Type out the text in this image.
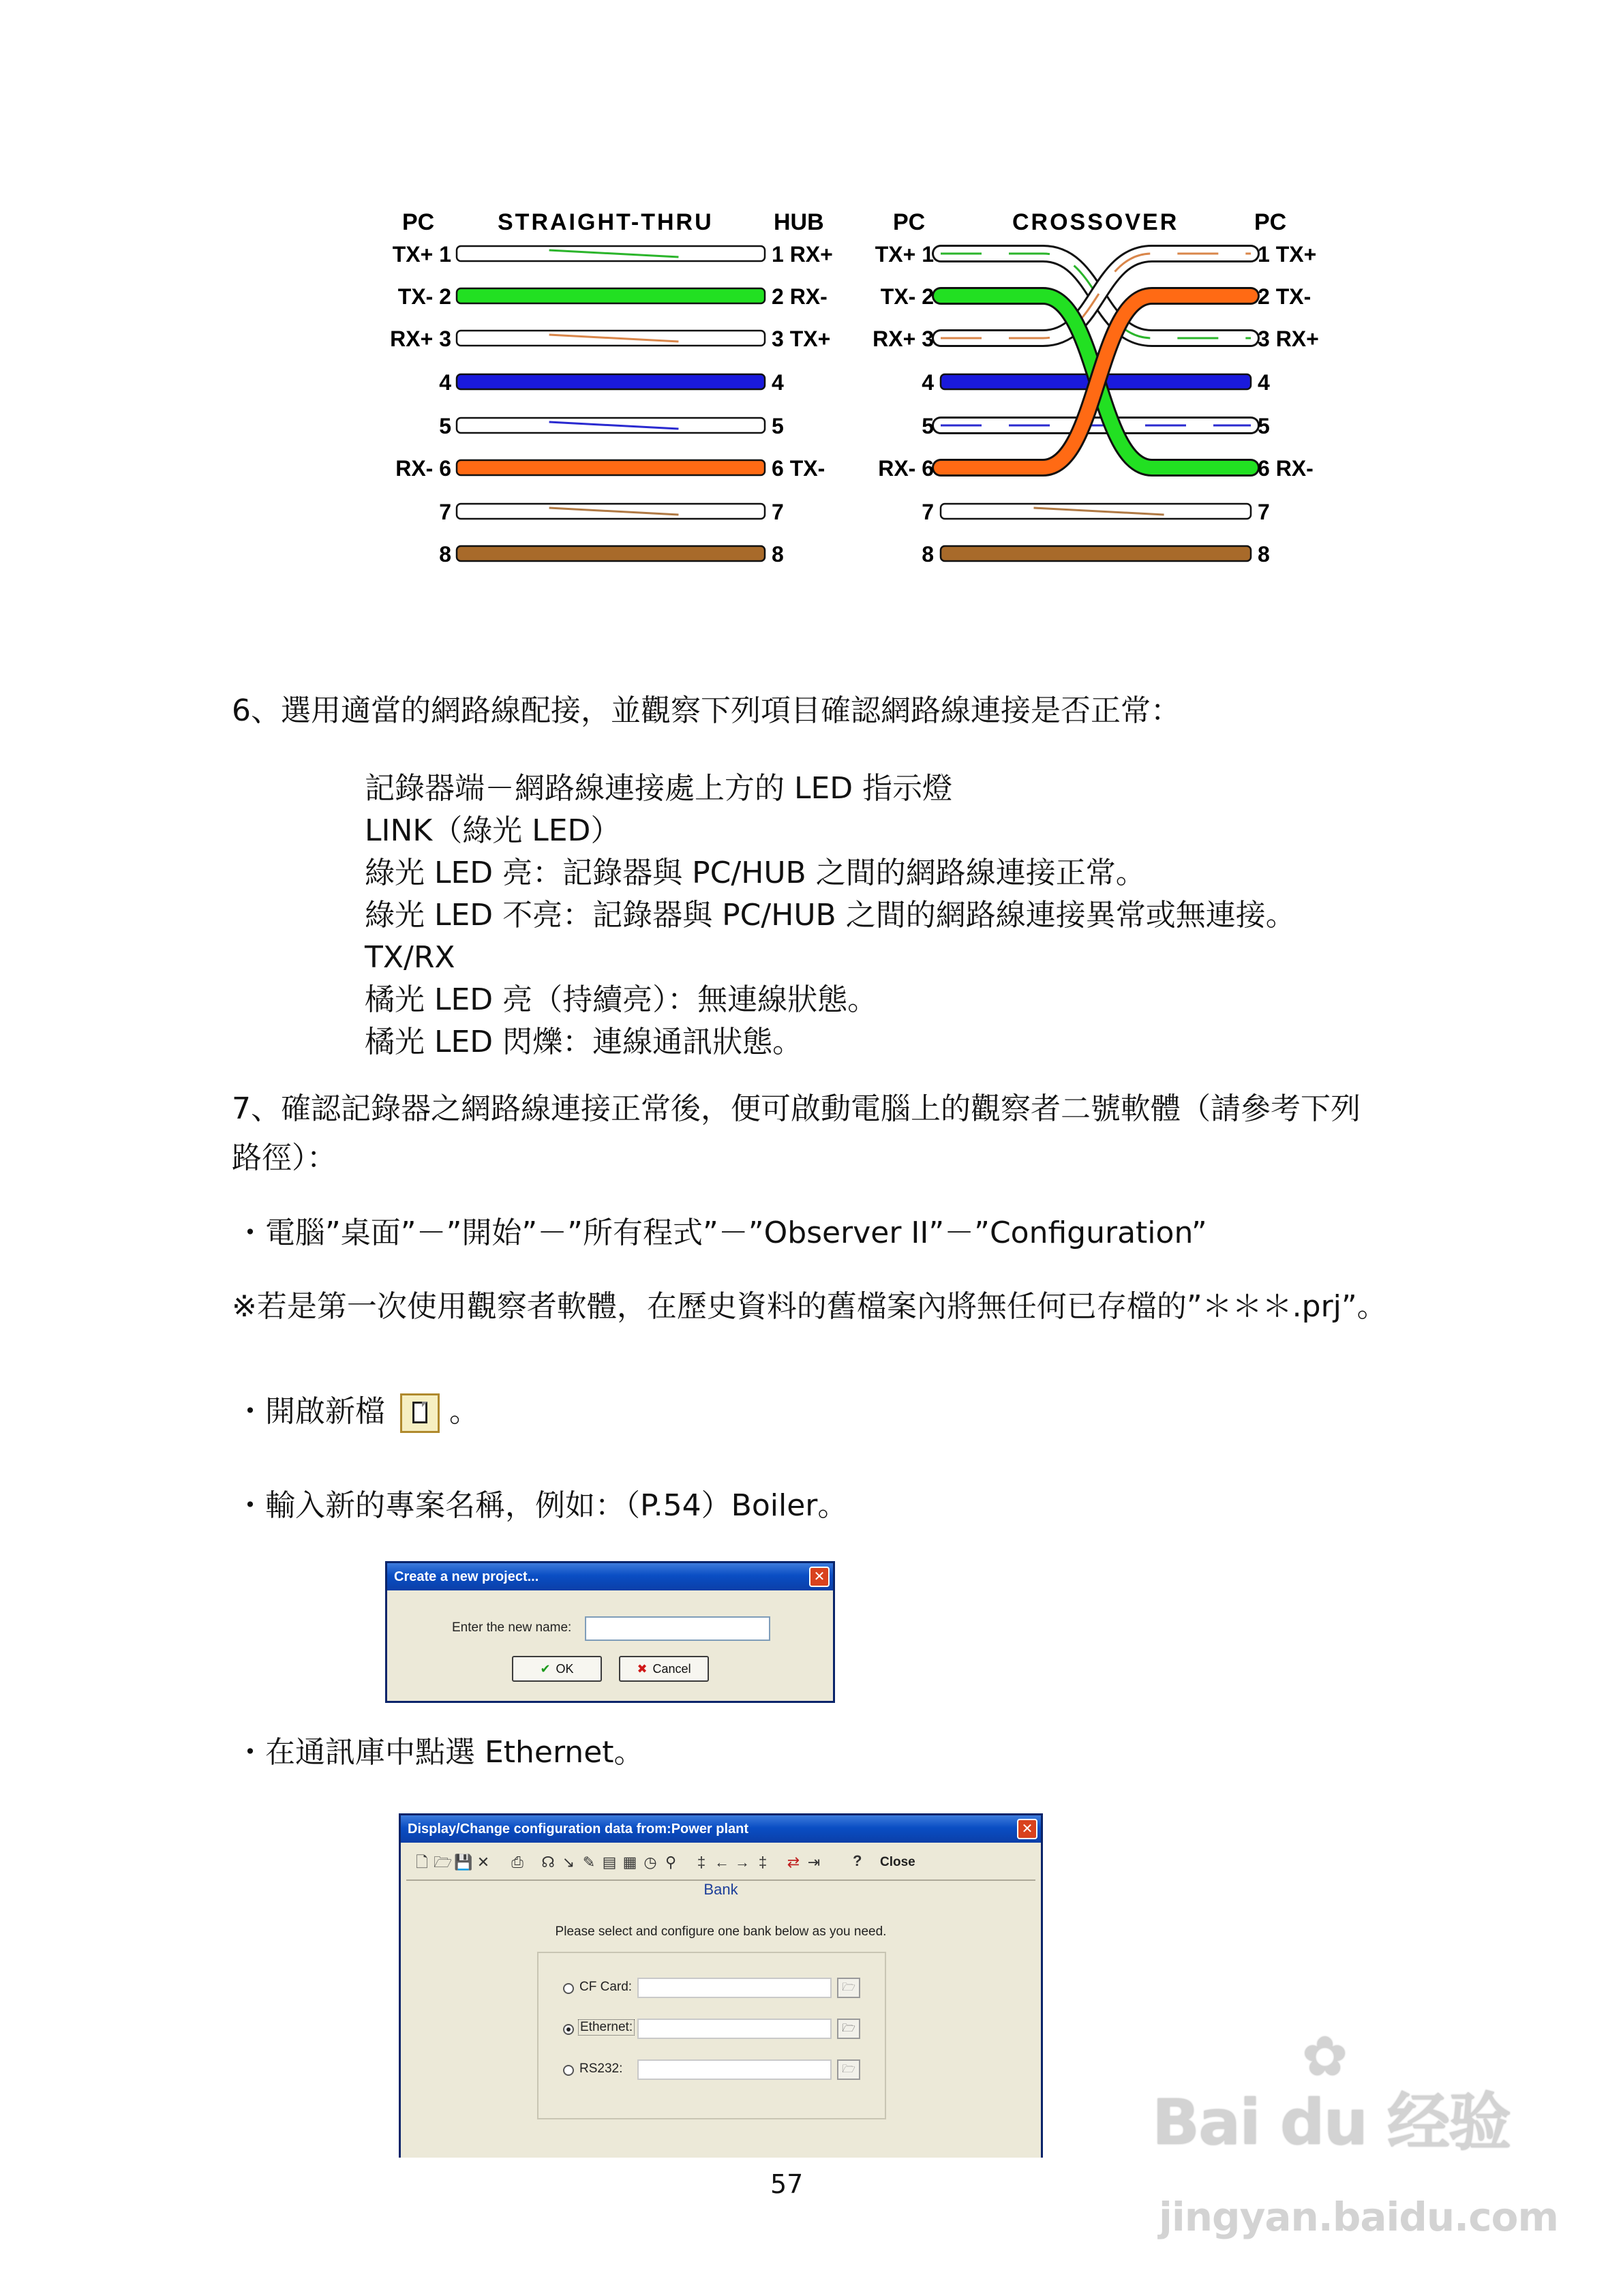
PC	STRAIGHT-THRU	HUB	PC	CROSSOVER	PC
TX+ 1
TX- 2
RX+ 3
4
5
RX- 6
7
8
1 RX+
2 RX-
3 TX+
4
5
6 TX-
7
8
TX+ 1
TX- 2
RX+ 3
4
5
RX- 6
7
8
1 TX+
2 TX-
3 RX+
4
5
6 RX-
7
8
6、選用適當的網路線配接，並觀察下列項目確認網路線連接是否正常：
記錄器端－網路線連接處上方的 LED 指示燈
LINK（綠光 LED）
綠光 LED 亮：記錄器與 PC/HUB 之間的網路線連接正常。
綠光 LED 不亮：記錄器與 PC/HUB 之間的網路線連接異常或無連接。
TX/RX
橘光 LED 亮（持續亮）：無連線狀態。
橘光 LED 閃爍：連線通訊狀態。
7、確認記錄器之網路線連接正常後，便可啟動電腦上的觀察者二號軟體（請參考下列
路徑）：
・電腦”桌面”－”開始”－”所有程式”－”Observer II”－”Configuration”
※若是第一次使用觀察者軟體，在歷史資料的舊檔案內將無任何已存檔的”＊＊＊.prj”。
・開啟新檔 。
・輸入新的專案名稱，例如：（P.54）Boiler。
Create a new project...	✕
Enter the new name:
✔ OK	✖ Cancel
・在通訊庫中點選 Ethernet。
Display/Change configuration data from:Power plant	✕
🗋 🗁 💾 ✕ ⎙ ☊ ↘ ✎ ▤ ▦ ◷ ⚲	‡ ← → ‡	⇄ ⇥ ? Close
Bank
Please select and configure one bank below as you need.
CF Card:	🗁
Ethernet:	🗁
RS232:	🗁
57
✿
Bai du 经验
jingyan.baidu.com
